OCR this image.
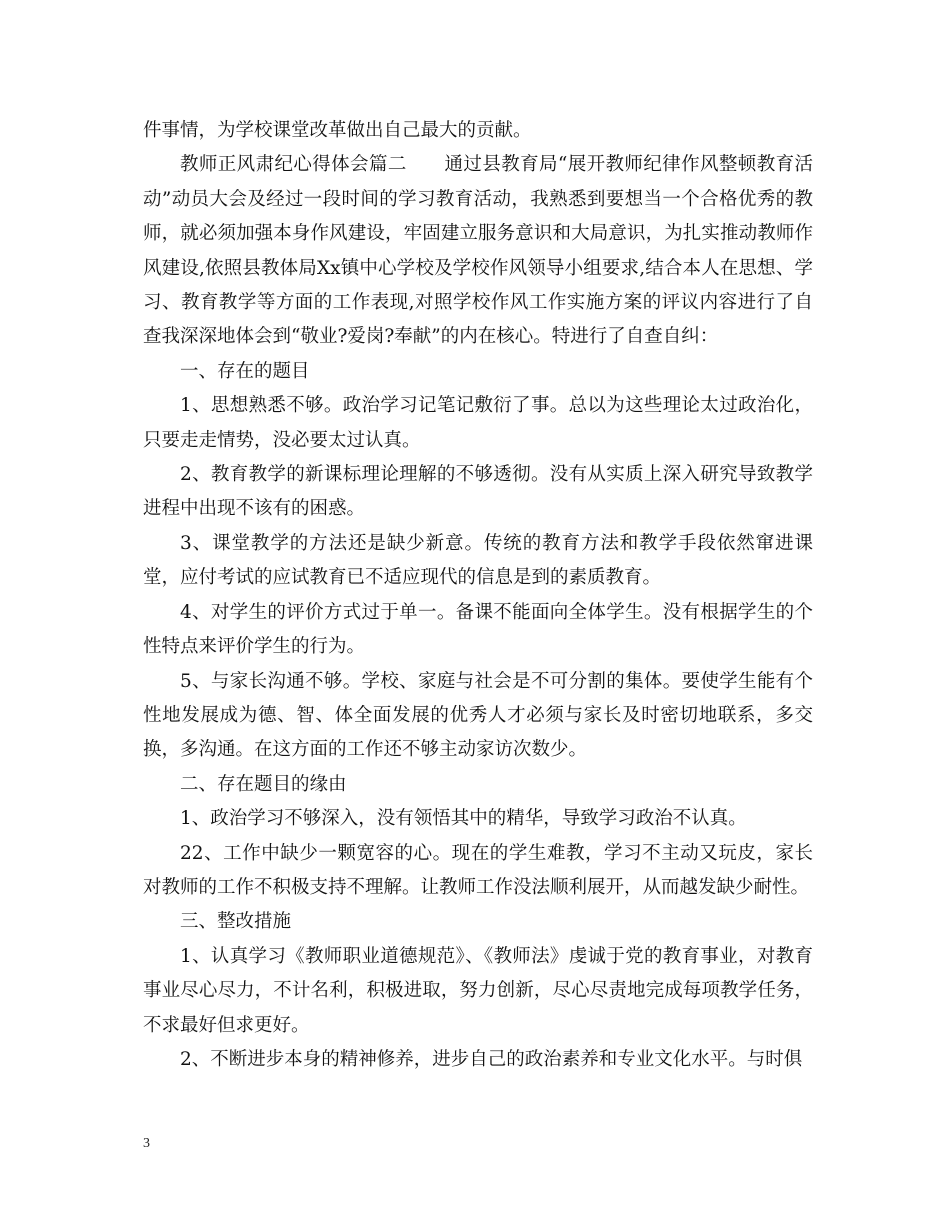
件事情，为学校课堂改革做出自己最大的贡献。

教师正风肃纪心得体会篇二　　通过县教育局“展开教师纪律作风整顿教育活动”动员大会及经过一段时间的学习教育活动，我熟悉到要想当一个合格优秀的教师，就必须加强本身作风建设，牢固建立服务意识和大局意识，为扎实推动教师作风建设,依照县教体局Xx镇中心学校及学校作风领导小组要求,结合本人在思想、学习、教育教学等方面的工作表现,对照学校作风工作实施方案的评议内容进行了自查我深深地体会到“敬业?爱岗?奉献”的内在核心。特进行了自查自纠：

一、存在的题目

1、思想熟悉不够。政治学习记笔记敷衍了事。总以为这些理论太过政治化，只要走走情势，没必要太过认真。

2、教育教学的新课标理论理解的不够透彻。没有从实质上深入研究导致教学进程中出现不该有的困惑。

3、课堂教学的方法还是缺少新意。传统的教育方法和教学手段依然窜进课堂，应付考试的应试教育已不适应现代的信息是到的素质教育。

4、对学生的评价方式过于单一。备课不能面向全体学生。没有根据学生的个性特点来评价学生的行为。

5、与家长沟通不够。学校、家庭与社会是不可分割的集体。要使学生能有个性地发展成为德、智、体全面发展的优秀人才必须与家长及时密切地联系，多交换，多沟通。在这方面的工作还不够主动家访次数少。

二、存在题目的缘由

1、政治学习不够深入，没有领悟其中的精华，导致学习政治不认真。

22、工作中缺少一颗宽容的心。现在的学生难教，学习不主动又玩皮，家长对教师的工作不积极支持不理解。让教师工作没法顺利展开，从而越发缺少耐性。

三、整改措施

1、认真学习《教师职业道德规范》、《教师法》虔诚于党的教育事业，对教育事业尽心尽力，不计名利，积极进取，努力创新，尽心尽责地完成每项教学任务，不求最好但求更好。

2、不断进步本身的精神修养，进步自己的政治素养和专业文化水平。与时俱

3
